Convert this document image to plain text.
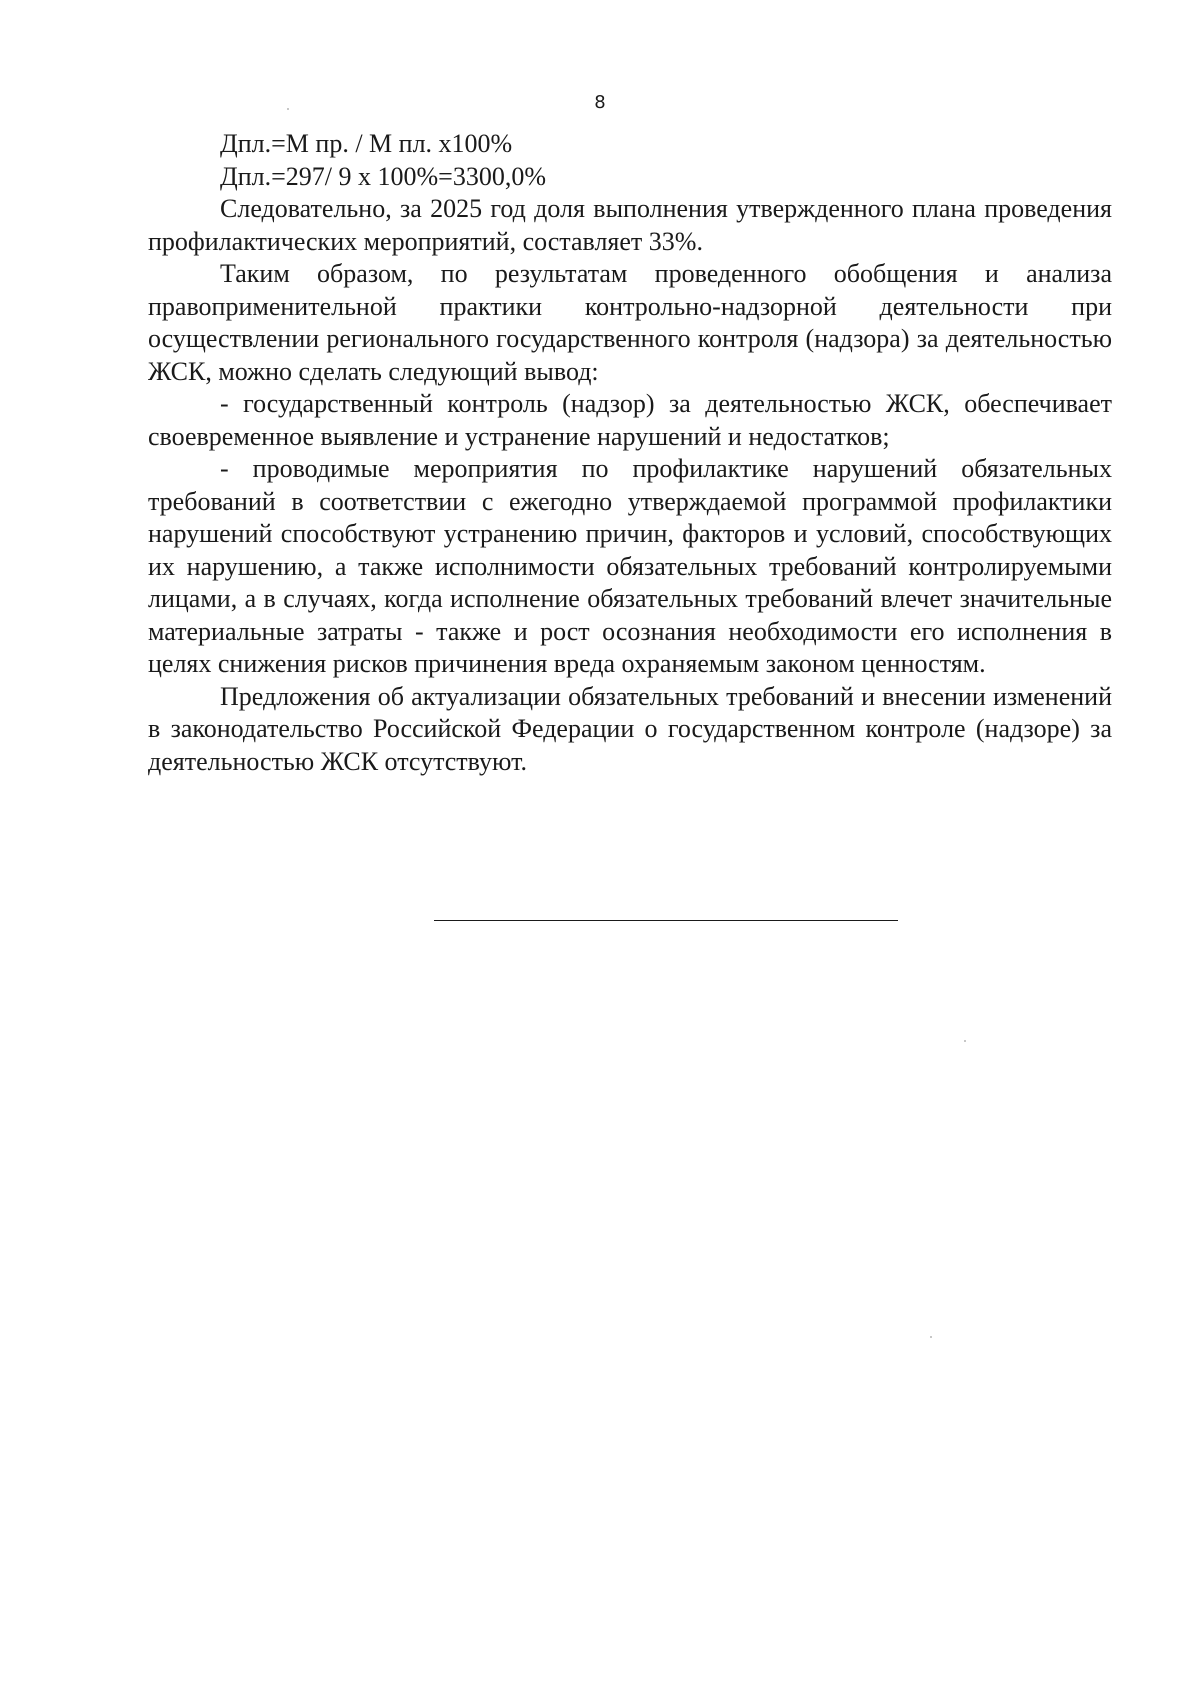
8

Дпл.=М пр. / М пл. х100%

Дпл.=297/ 9 х 100%=3300,0%

Следовательно, за 2025 год доля выполнения утвержденного плана проведения профилактических мероприятий, составляет 33%.

Таким образом, по результатам проведенного обобщения и анализа правоприменительной практики контрольно-надзорной деятельности при осуществлении регионального государственного контроля (надзора) за деятельностью ЖСК, можно сделать следующий вывод:

- государственный контроль (надзор) за деятельностью ЖСК, обеспечивает своевременное выявление и устранение нарушений и недостатков;

- проводимые мероприятия по профилактике нарушений обязательных требований в соответствии с ежегодно утверждаемой программой профилактики нарушений способствуют устранению причин, факторов и условий, способствующих их нарушению, а также исполнимости обязательных требований контролируемыми лицами, а в случаях, когда исполнение обязательных требований влечет значительные материальные затраты - также и рост осознания необходимости его исполнения в целях снижения рисков причинения вреда охраняемым законом ценностям.

Предложения об актуализации обязательных требований и внесении изменений в законодательство Российской Федерации о государственном контроле (надзоре) за деятельностью ЖСК отсутствуют.
